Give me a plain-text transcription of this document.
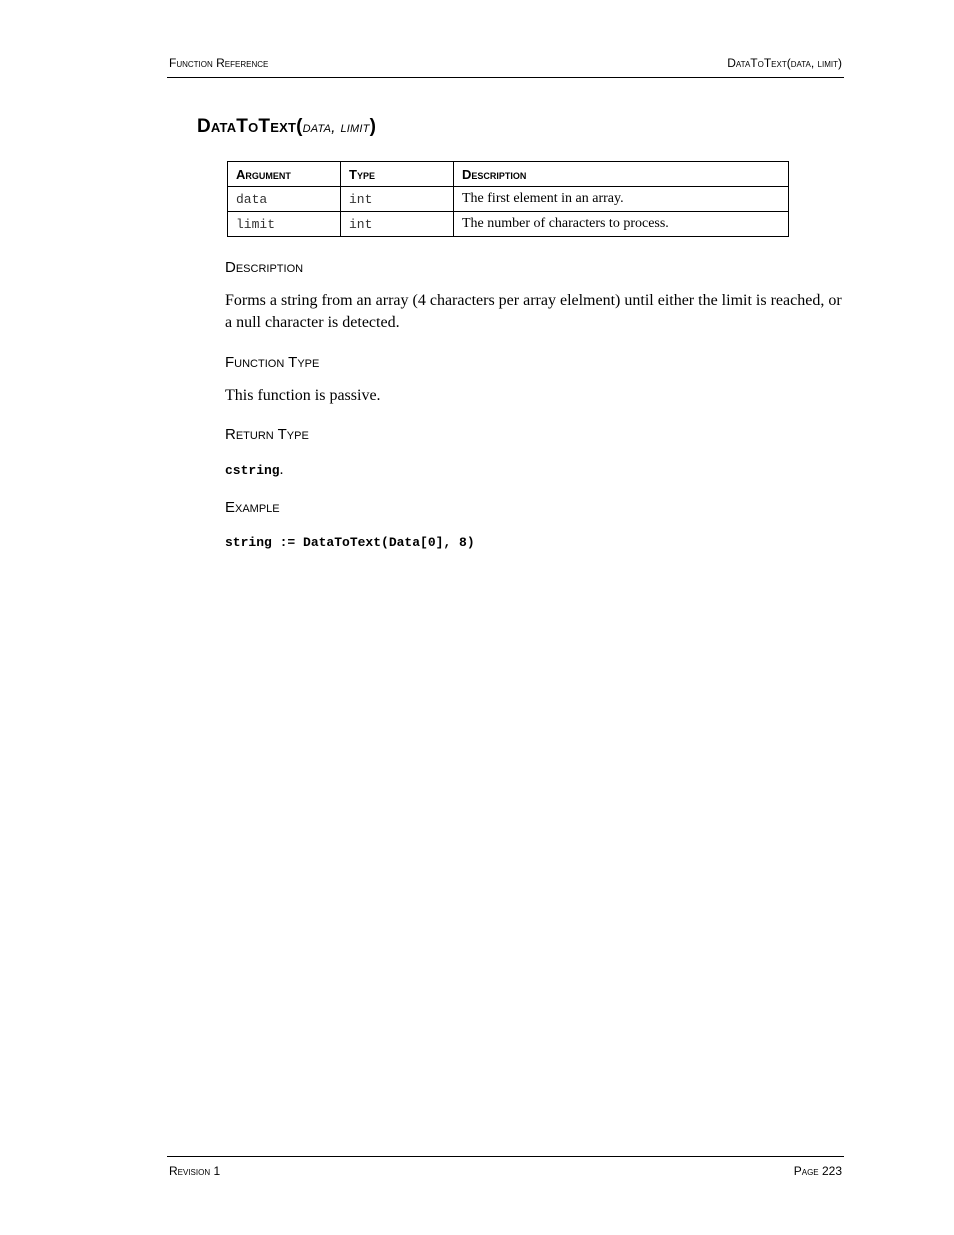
Function Reference	DataToText(data, limit)
DataToText(data, limit)
Argument	Type	Description
data	int	The first element in an array.
limit	int	The number of characters to process.
Description
Forms a string from an array (4 characters per array elelment) until either the limit is reached, or a null character is detected.
Function Type
This function is passive.
Return Type
cstring.
Example
string := DataToText(Data[0], 8)
Revision 1	Page 223
